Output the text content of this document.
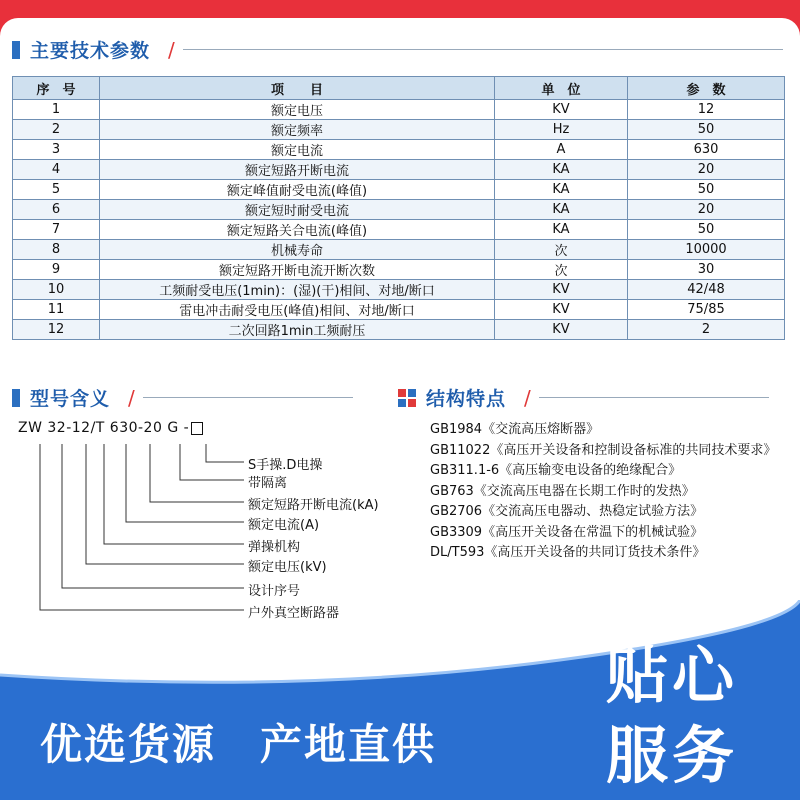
主要技术参数 /
序　号	项　　目	单　位	参　数
1	额定电压	KV	12
2	额定频率	Hz	50
3	额定电流	A	630
4	额定短路开断电流	KA	20
5	额定峰值耐受电流(峰值)	KA	50
6	额定短时耐受电流	KA	20
7	额定短路关合电流(峰值)	KA	50
8	机械寿命	次	10000
9	额定短路开断电流开断次数	次	30
10	工频耐受电压(1min)：(湿)(干)相间、对地/断口	KV	42/48
11	雷电冲击耐受电压(峰值)相间、对地/断口	KV	75/85
12	二次回路1min工频耐压	KV	2
型号含义 /	结构特点 /
ZW 32-12/T 630-20 G -
S手操.D电操
带隔离
额定短路开断电流(kA)
额定电流(A)
弹操机构
额定电压(kV)
设计序号
户外真空断路器
GB1984《交流高压熔断器》
GB11022《高压开关设备和控制设备标准的共同技术要求》
GB311.1-6《高压输变电设备的绝缘配合》
GB763《交流高压电器在长期工作时的发热》
GB2706《交流高压电器动、热稳定试验方法》
GB3309《高压开关设备在常温下的机械试验》
DL/T593《高压开关设备的共同订货技术条件》
优选货源　产地直供
贴心
服务
